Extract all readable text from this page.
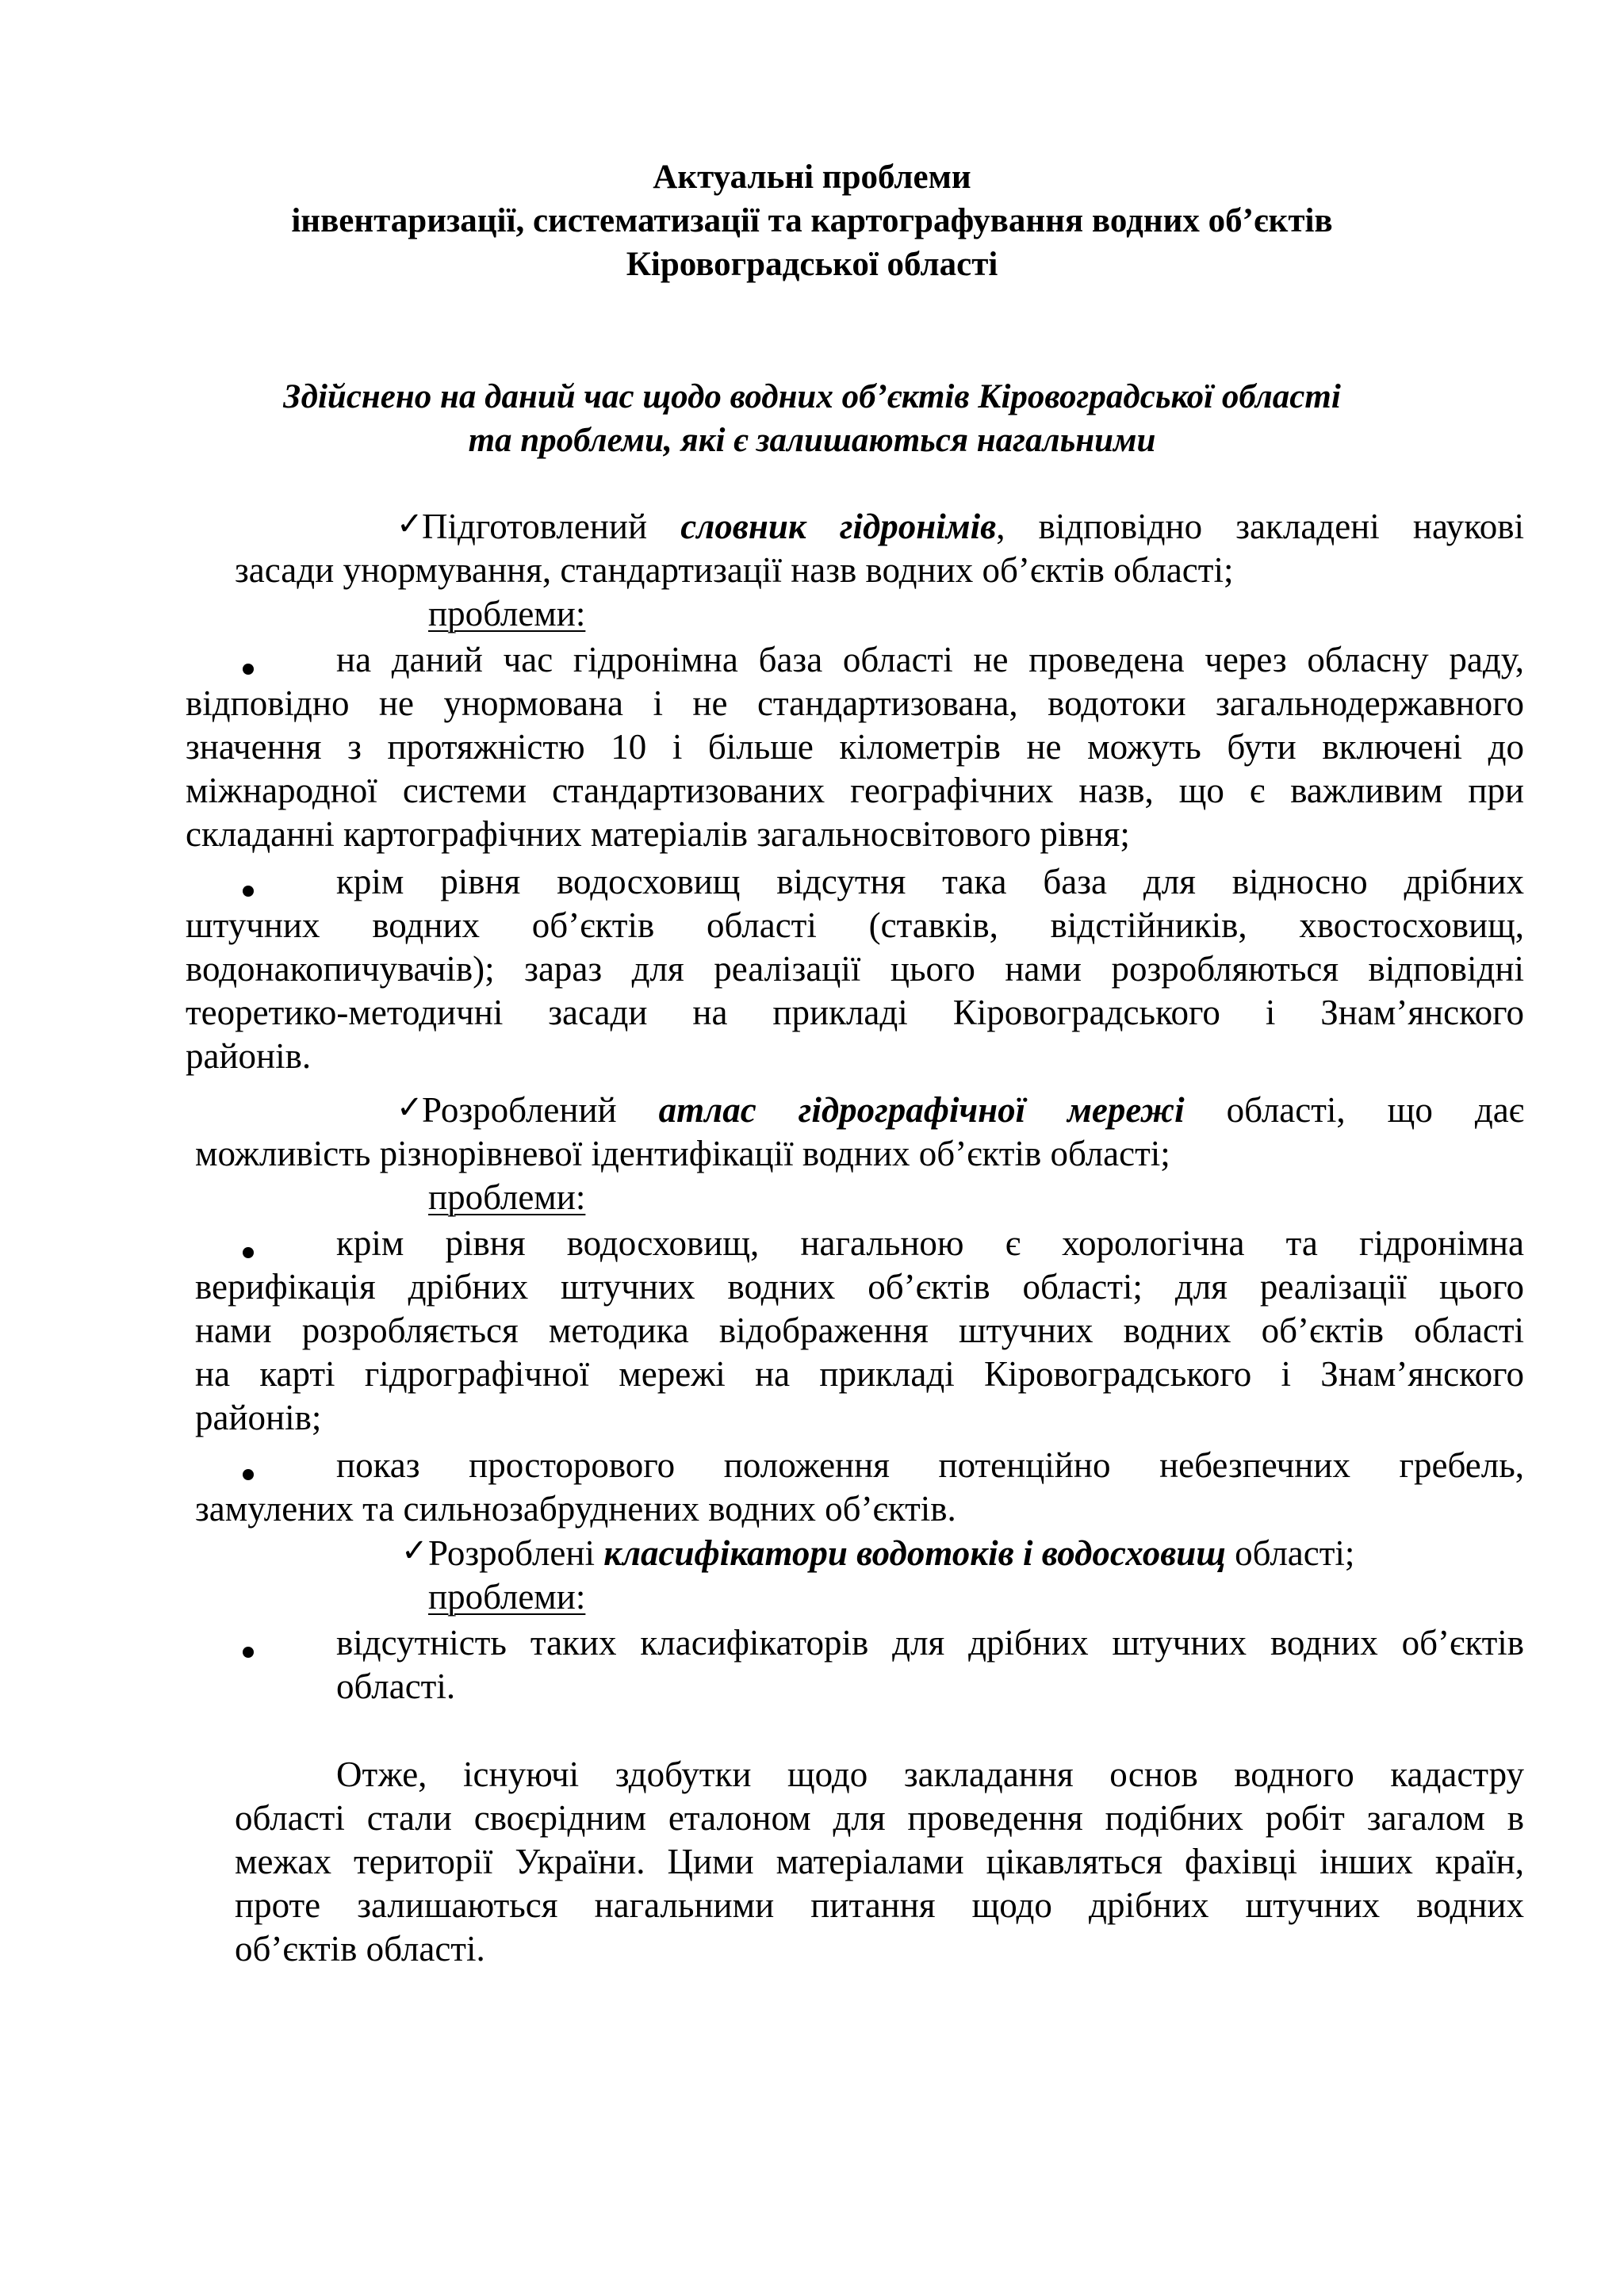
Актуальні проблеми
інвентаризації, систематизації та картографування водних об’єктів
Кіровоградської області
Здійснено на даний час щодо водних об’єктів Кіровоградської області
та проблеми, які є залишаються нагальними
✓
Підготовлений словник гідронімів, відповідно закладені наукові
засади унормування, стандартизації назв водних об’єктів області;
проблеми:
на даний час гідронімна база області не проведена через обласну раду,
відповідно не унормована і не стандартизована, водотоки загальнодержавного
значення з протяжністю 10 і більше кілометрів не можуть бути включені до
міжнародної системи стандартизованих географічних назв, що є важливим при
складанні картографічних матеріалів загальносвітового рівня;
крім рівня водосховищ відсутня така база для відносно дрібних
штучних водних об’єктів області (ставків, відстійників, хвостосховищ,
водонакопичувачів); зараз для реалізації цього нами розробляються відповідні
теоретико-методичні засади на прикладі Кіровоградського і Знам’янского
районів.
✓
Розроблений атлас гідрографічної мережі області, що дає
можливість різнорівневої ідентифікації водних об’єктів області;
проблеми:
крім рівня водосховищ, нагальною є хорологічна та гідронімна
верифікація дрібних штучних водних об’єктів області; для реалізації цього
нами розробляється методика відображення штучних водних об’єктів області
на карті гідрографічної мережі на прикладі Кіровоградського і Знам’янского
районів;
показ просторового положення потенційно небезпечних гребель,
замулених та сильнозабруднених водних об’єктів.
✓ Розроблені класифікатори водотоків і водосховищ області;
проблеми:
відсутність таких класифікаторів для дрібних штучних водних об’єктів
області.
Отже, існуючі здобутки щодо закладання основ водного кадастру
області стали своєрідним еталоном для проведення подібних робіт загалом в
межах території України. Цими матеріалами цікавляться фахівці інших країн,
проте залишаються нагальними питання щодо дрібних штучних водних
об’єктів області.
